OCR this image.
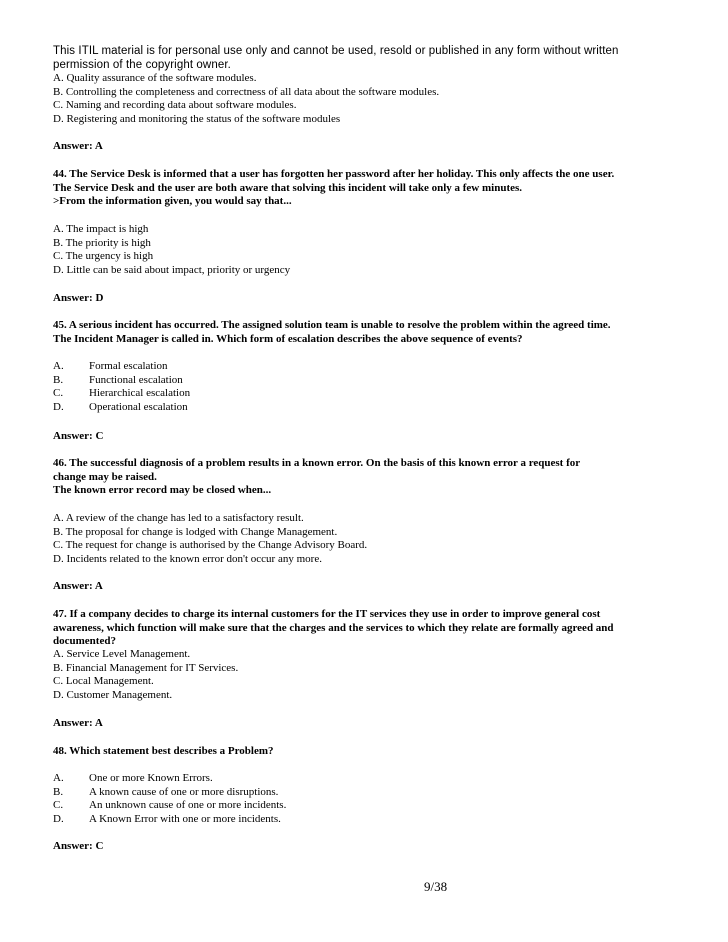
This ITIL material is for personal use only and cannot be used, resold or published in any form without written
permission of the copyright owner.
A. Quality assurance of the software modules.
B. Controlling the completeness and correctness of all data about the software modules.
C. Naming and recording data about software modules.
D. Registering and monitoring the status of the software modules
Answer: A
44. The Service Desk is informed that a user has forgotten her password after her holiday. This only affects the one user.
The Service Desk and the user are both aware that solving this incident will take only a few minutes.
>From the information given, you would say that...
A. The impact is high
B. The priority is high
C. The urgency is high
D. Little can be said about impact, priority or urgency
Answer: D
45. A serious incident has occurred. The assigned solution team is unable to resolve the problem within the agreed time.
The Incident Manager is called in. Which form of escalation describes the above sequence of events?
A. Formal escalation
B. Functional escalation
C. Hierarchical escalation
D. Operational escalation
Answer: C
46. The successful diagnosis of a problem results in a known error. On the basis of this known error a request for
change may be raised.
The known error record may be closed when...
A. A review of the change has led to a satisfactory result.
B. The proposal for change is lodged with Change Management.
C. The request for change is authorised by the Change Advisory Board.
D. Incidents related to the known error don't occur any more.
Answer: A
47. If a company decides to charge its internal customers for the IT services they use in order to improve general cost
awareness, which function will make sure that the charges and the services to which they relate are formally agreed and
documented?
A. Service Level Management.
B. Financial Management for IT Services.
C. Local Management.
D. Customer Management.
Answer: A
48. Which statement best describes a Problem?
A. One or more Known Errors.
B. A known cause of one or more disruptions.
C. An unknown cause of one or more incidents.
D. A Known Error with one or more incidents.
Answer: C
9/38
